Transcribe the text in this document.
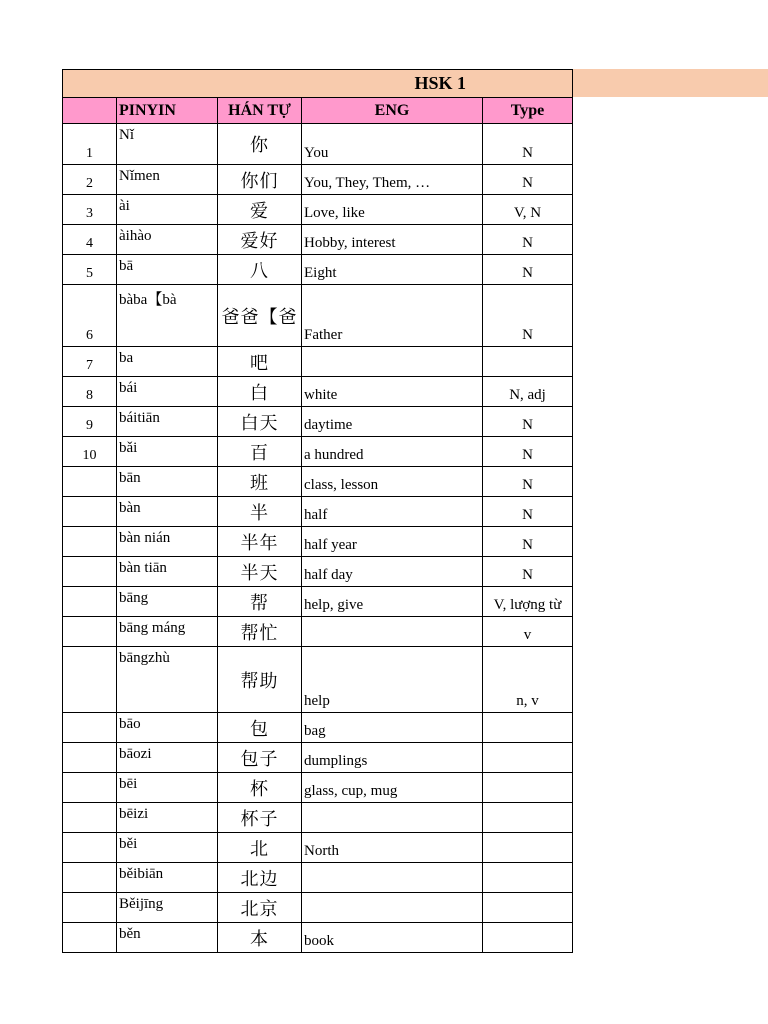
HSK 1				
	PINYIN	HÁN TỰ	ENG	Type
1	Nǐ	你	You	N
2	Nǐmen	你们	You, They, Them, …	N
3	ài	爱	Love, like	V, N
4	àihào	爱好	Hobby, interest	N
5	bā	八	Eight	N
6	bàba【bà	爸爸【爸	Father	N
7	ba	吧		
8	bái	白	white	N, adj
9	báitiān	白天	daytime	N
10	bǎi	百	a hundred	N
	bān	班	class, lesson	N
	bàn	半	half	N
	bàn nián	半年	half year	N
	bàn tiān	半天	half day	N
	bāng	帮	help, give	V, lượng từ
	bāng máng	帮忙		v
	bāngzhù	帮助	help	n, v
	bāo	包	bag	
	bāozi	包子	dumplings	
	bēi	杯	glass, cup, mug	
	bēizi	杯子		
	běi	北	North	
	běibiān	北边		
	Běijīng	北京		
	běn	本	book	
